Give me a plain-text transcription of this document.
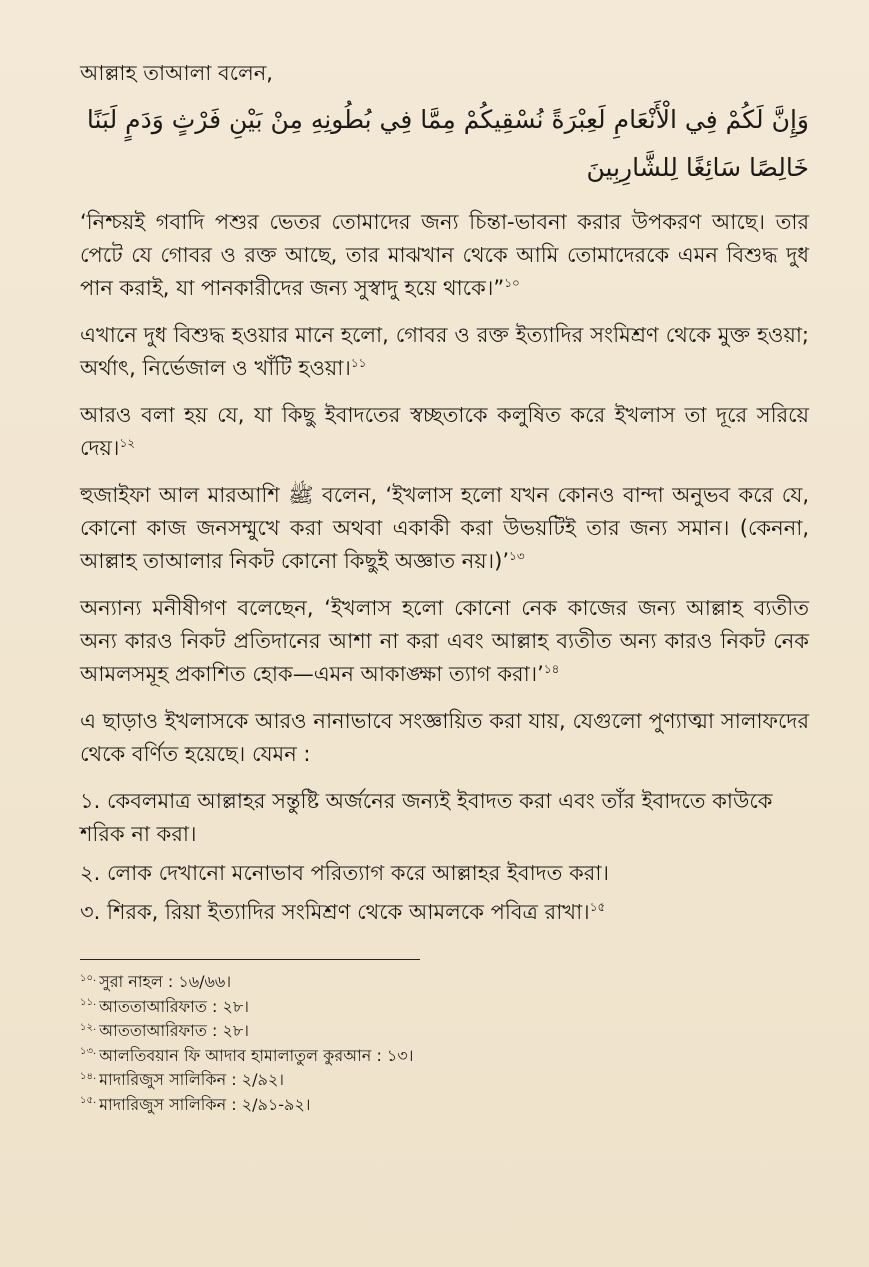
আল্লাহ তাআলা বলেন,

وَإِنَّ لَكُمْ فِي الْأَنْعَامِ لَعِبْرَةً نُسْقِيكُمْ مِمَّا فِي بُطُونِهِ مِنْ بَيْنِ فَرْثٍ وَدَمٍ لَبَنًا خَالِصًا سَائِغًا لِلشَّارِبِينَ

‘নিশ্চয়ই গবাদি পশুর ভেতর তোমাদের জন্য চিন্তা-ভাবনা করার উপকরণ আছে। তার পেটে যে গোবর ও রক্ত আছে, তার মাঝখান থেকে আমি তোমাদেরকে এমন বিশুদ্ধ দুধ পান করাই, যা পানকারীদের জন্য সুস্বাদু হয়ে থাকে।”$^{১০}$

এখানে দুধ বিশুদ্ধ হওয়ার মানে হলো, গোবর ও রক্ত ইত্যাদির সংমিশ্রণ থেকে মুক্ত হওয়া; অর্থাৎ, নির্ভেজাল ও খাঁটি হওয়া।$^{১১}$

আরও বলা হয় যে, যা কিছু ইবাদতের স্বচ্ছতাকে কলুষিত করে ইখলাস তা দূরে সরিয়ে দেয়।$^{১২}$

হুজাইফা আল মারআশি ﷺ বলেন, ‘ইখলাস হলো যখন কোনও বান্দা অনুভব করে যে, কোনো কাজ জনসম্মুখে করা অথবা একাকী করা উভয়টিই তার জন্য সমান। (কেননা, আল্লাহ তাআলার নিকট কোনো কিছুই অজ্ঞাত নয়।)’$^{১৩}$

অন্যান্য মনীষীগণ বলেছেন, ‘ইখলাস হলো কোনো নেক কাজের জন্য আল্লাহ ব্যতীত অন্য কারও নিকট প্রতিদানের আশা না করা এবং আল্লাহ ব্যতীত অন্য কারও নিকট নেক আমলসমূহ প্রকাশিত হোক—এমন আকাঙ্ক্ষা ত্যাগ করা।’$^{১৪}$

এ ছাড়াও ইখলাসকে আরও নানাভাবে সংজ্ঞায়িত করা যায়, যেগুলো পুণ্যাত্মা সালাফদের থেকে বর্ণিত হয়েছে। যেমন :

১. কেবলমাত্র আল্লাহর সন্তুষ্টি অর্জনের জন্যই ইবাদত করা এবং তাঁর ইবাদতে কাউকে শরিক না করা।
২. লোক দেখানো মনোভাব পরিত্যাগ করে আল্লাহর ইবাদত করা।
৩. শিরক, রিয়া ইত্যাদির সংমিশ্রণ থেকে আমলকে পবিত্র রাখা।$^{১৫}$
$^{১০.}$ সুরা নাহল : ১৬/৬৬।
$^{১১.}$ আততাআরিফাত : ২৮।
$^{১২.}$ আততাআরিফাত : ২৮।
$^{১৩.}$ আলতিবয়ান ফি আদাব হামালাতুল কুরআন : ১৩।
$^{১৪.}$ মাদারিজুস সালিকিন : ২/৯২।
$^{১৫.}$ মাদারিজুস সালিকিন : ২/৯১-৯২।
